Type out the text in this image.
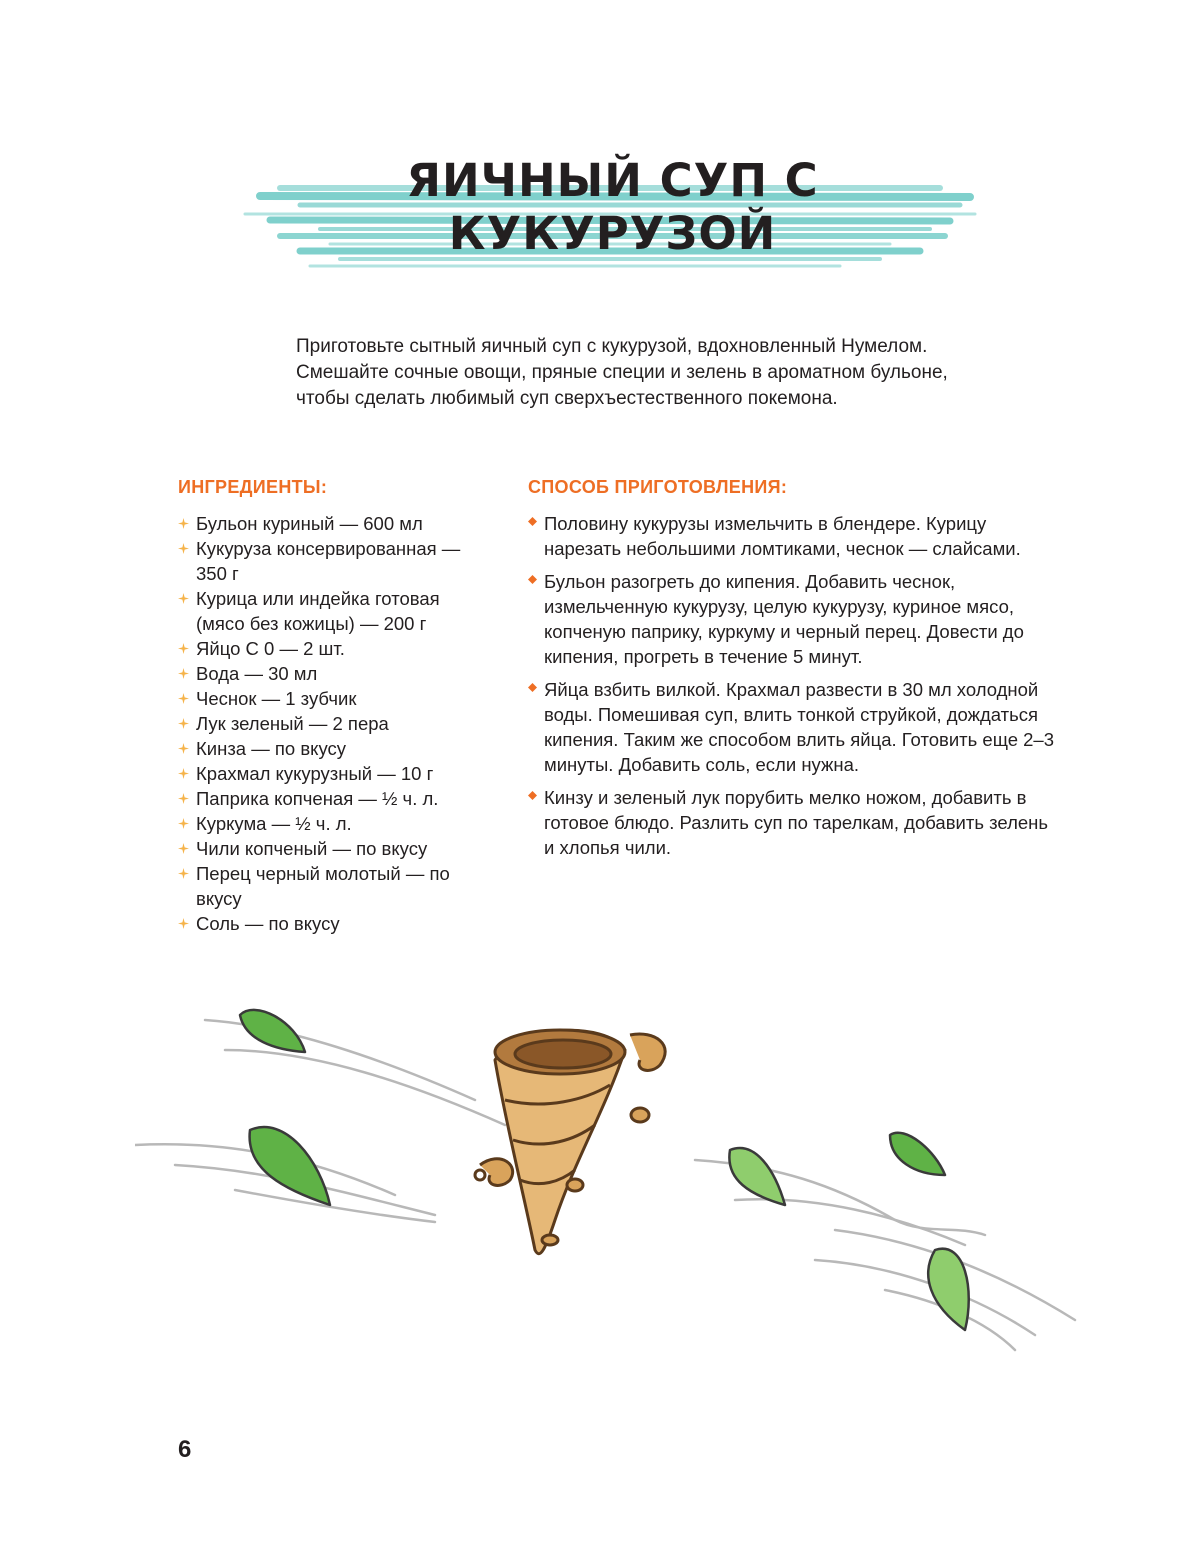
ЯИЧНЫЙ СУП С КУКУРУЗОЙ

Приготовьте сытный яичный суп с кукурузой, вдохновленный Нумелом.

Смешайте сочные овощи, пряные специи и зелень в ароматном бульоне,

чтобы сделать любимый суп сверхъестественного покемона.

ИНГРЕДИЕНТЫ:	СПОСОБ ПРИГОТОВЛЕНИЯ:
Бульон куриный — 600 мл
Кукуруза консервированная — 350 г
Курица или индейка готовая (мясо без кожицы) — 200 г
Яйцо С 0 — 2 шт.
Вода — 30 мл
Чеснок — 1 зубчик
Лук зеленый — 2 пера
Кинза — по вкусу
Крахмал кукурузный — 10 г
Паприка копченая — ½ ч. л.
Куркума — ½ ч. л.
Чили копченый — по вкусу
Перец черный молотый — по вкусу
Соль — по вкусу
Половину кукурузы измельчить в блендере. Курицу нарезать небольшими ломтиками, чеснок — слайсами.
Бульон разогреть до кипения. Добавить чеснок, измельченную кукурузу, целую кукурузу, куриное мясо, копченую паприку, куркуму и черный перец. Довести до кипения, прогреть в течение 5 минут.
Яйца взбить вилкой. Крахмал развести в 30 мл холодной воды. Помешивая суп, влить тонкой струйкой, дождаться кипения. Таким же способом влить яйца. Готовить еще 2–3 минуты. Добавить соль, если нужна.
Кинзу и зеленый лук порубить мелко ножом, добавить в готовое блюдо. Разлить суп по тарелкам, добавить зелень и хлопья чили.
6
